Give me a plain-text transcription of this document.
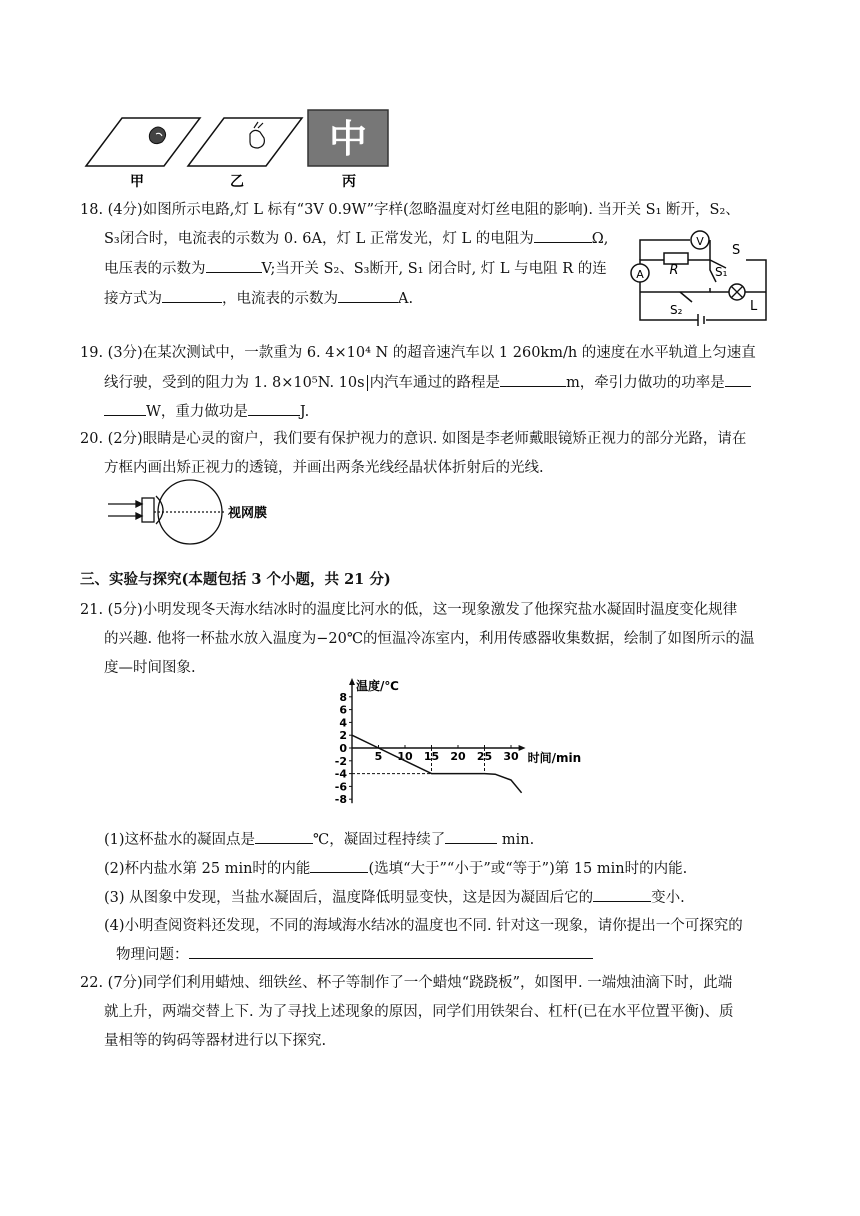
中
甲	乙	丙
18. (4分)如图所示电路,灯 L 标有“3V 0.9W”字样(忽略温度对灯丝电阻的影响). 当开关 S₁ 断开，S₂、
S₃闭合时，电流表的示数为 0. 6A，灯 L 正常发光，灯 L 的电阻为	Ω,
电压表的示数为	V;当开关 S₂、S₃断开, S₁ 闭合时, 灯 L 与电阻 R 的连
接方式为	，电流表的示数为	A.
A
V
R
S
S₁
S₂	L
19. (3分)在某次测试中，一款重为 6. 4×10⁴ N 的超音速汽车以 1 260km/h 的速度在水平轨道上匀速直
线行驶，受到的阻力为 1. 8×10⁵N. 10s 内汽车通过的路程是	m，牵引力做功的功率是
W，重力做功是	J.
20. (2分)眼睛是心灵的窗户，我们要有保护视力的意识. 如图是李老师戴眼镜矫正视力的部分光路，请在
方框内画出矫正视力的透镜，并画出两条光线经晶状体折射后的光线.
视网膜
三、实验与探究(本题包括 3 个小题，共 21 分)
21. (5分)小明发现冬天海水结冰时的温度比河水的低，这一现象激发了他探究盐水凝固时温度变化规律
的兴趣. 他将一杯盐水放入温度为−20℃的恒温冷冻室内，利用传感器收集数据，绘制了如图所示的温
度—时间图象.
8
6
4
2
0
-2
-4
-6
-8
5 10 15 20 25 30
温度/℃
时间/min
(1)这杯盐水的凝固点是	℃，凝固过程持续了	min.
(2)杯内盐水第 25 min时的内能	(选填“大于”“小于”或“等于”)第 15 min时的内能.
(3) 从图象中发现，当盐水凝固后，温度降低明显变快，这是因为凝固后它的	变小.
(4)小明查阅资料还发现，不同的海域海水结冰的温度也不同. 针对这一现象，请你提出一个可探究的
物理问题：
22. (7分)同学们利用蜡烛、细铁丝、杯子等制作了一个蜡烛“跷跷板”，如图甲. 一端烛油滴下时，此端
就上升，两端交替上下. 为了寻找上述现象的原因，同学们用铁架台、杠杆(已在水平位置平衡)、质
量相等的钩码等器材进行以下探究.
